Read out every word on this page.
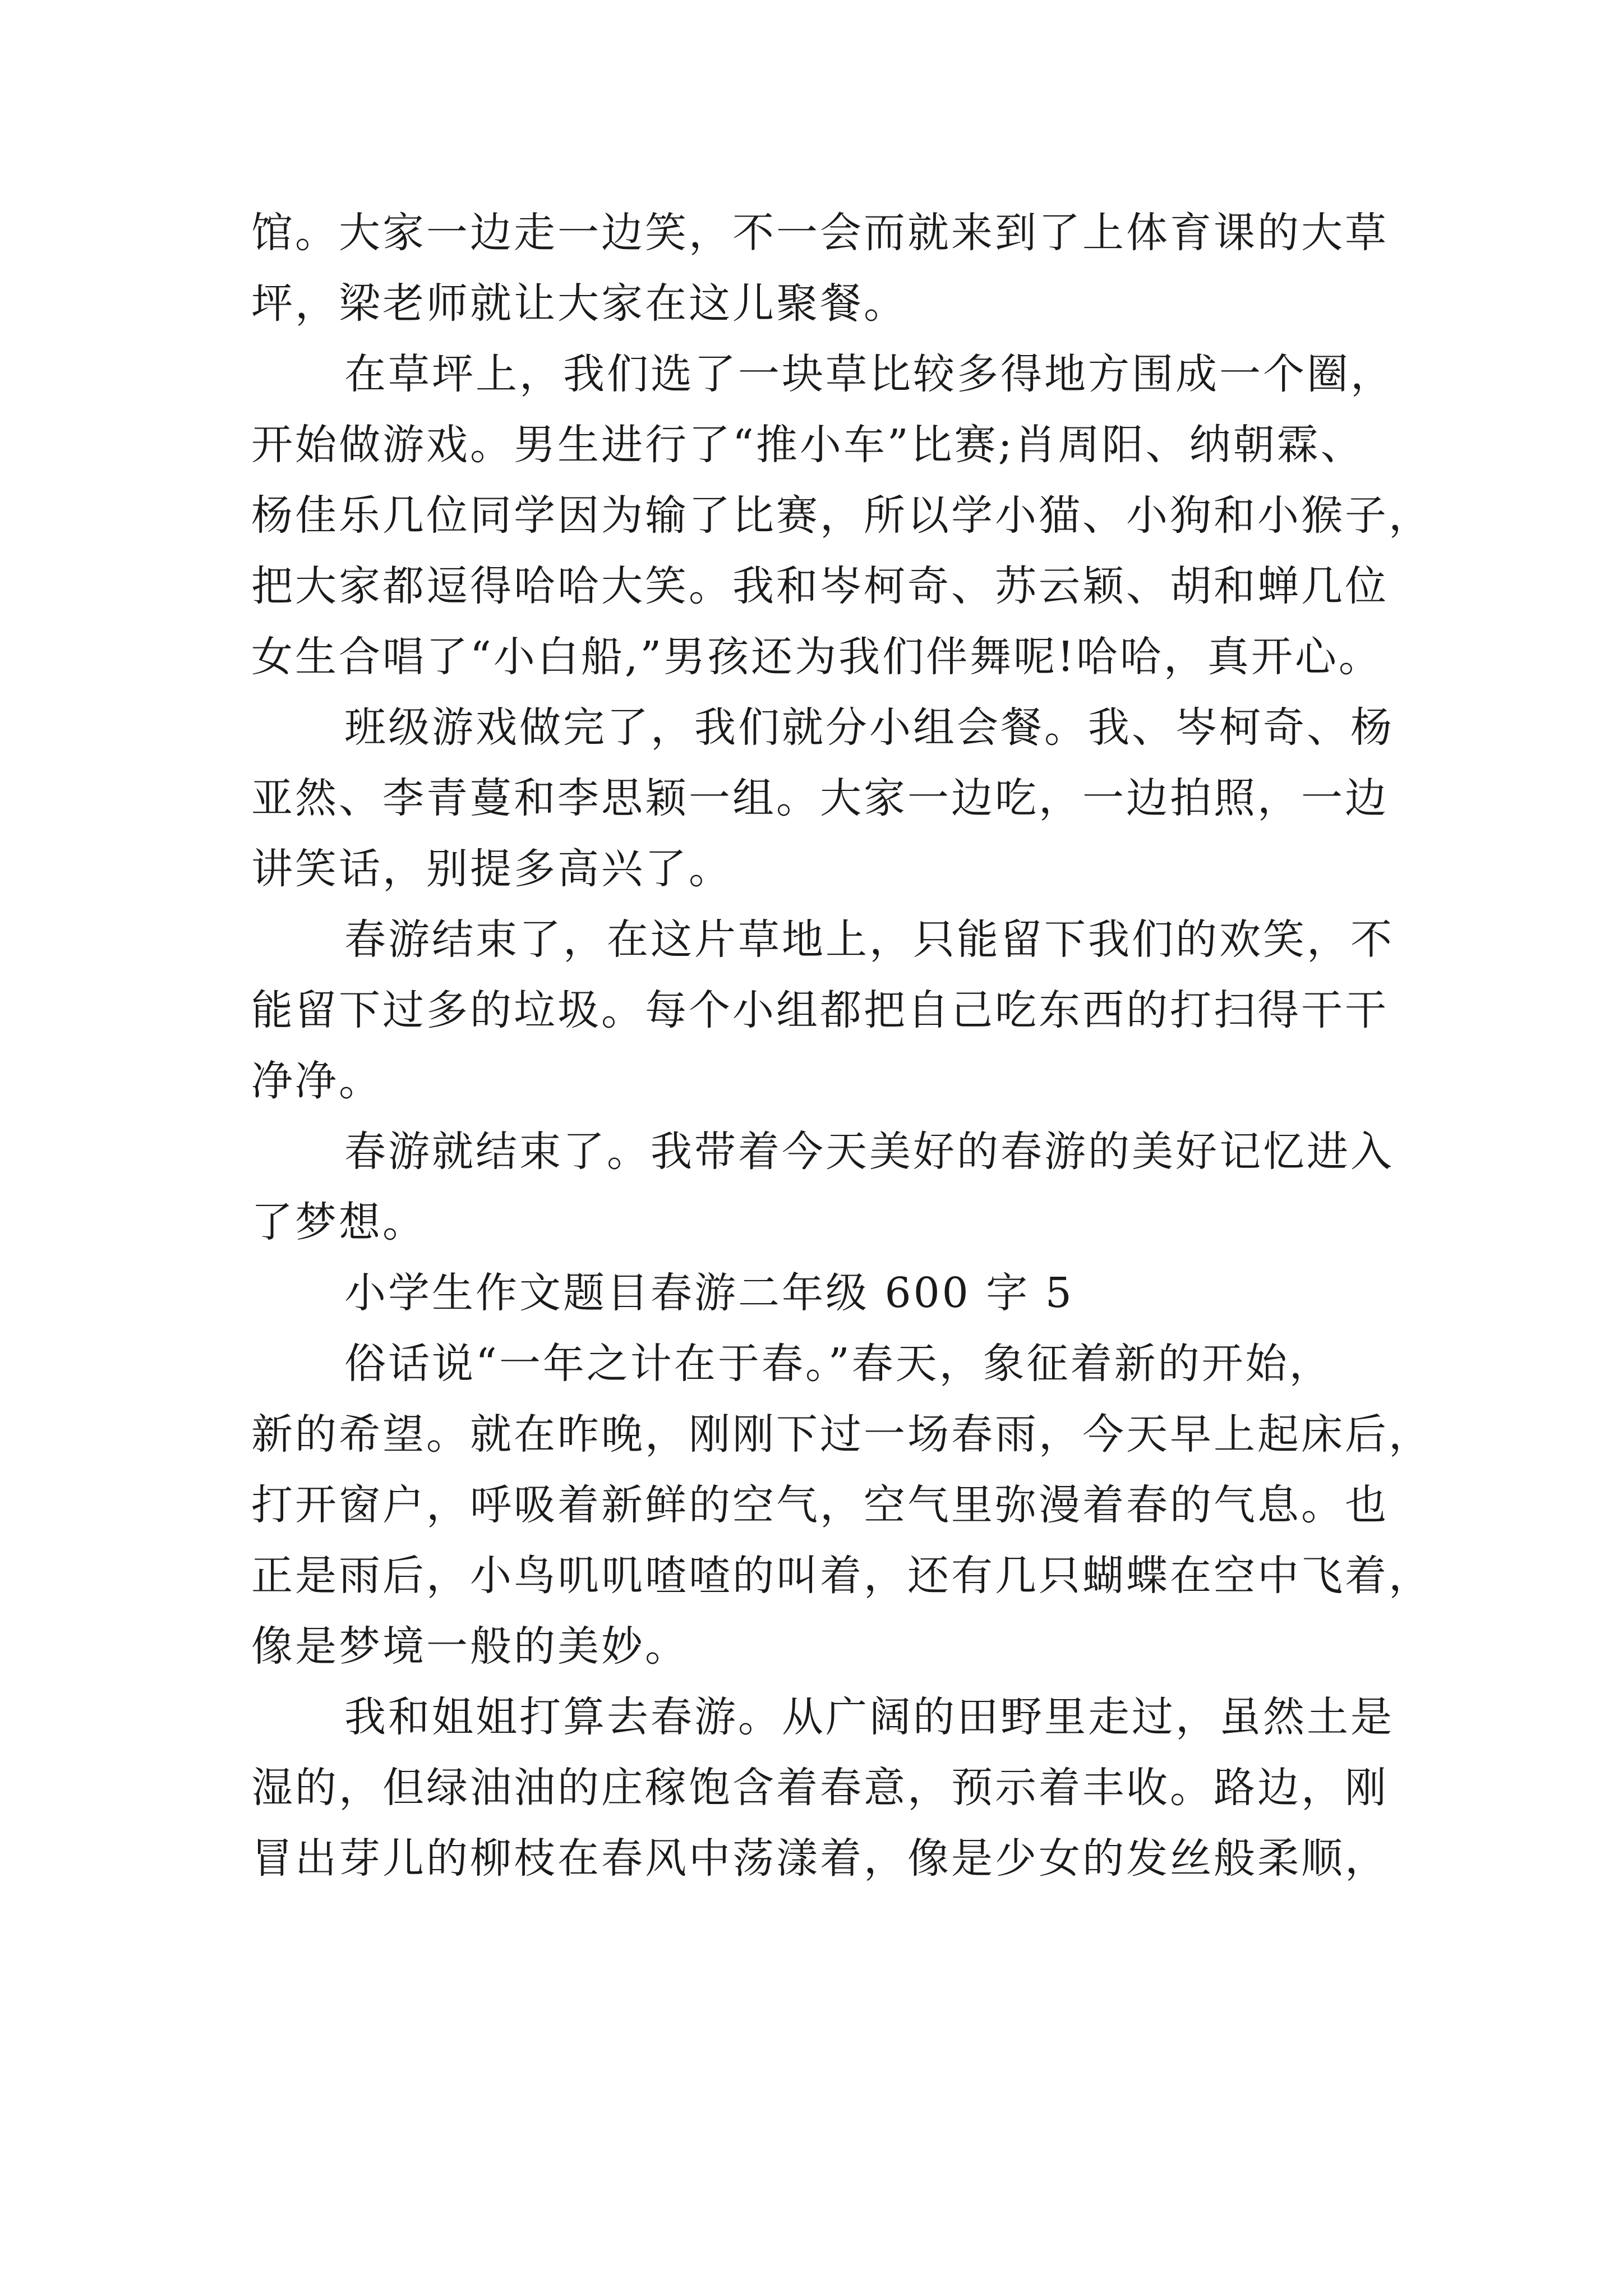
馆。大家一边走一边笑，不一会而就来到了上体育课的大草
坪，梁老师就让大家在这儿聚餐。
在草坪上，我们选了一块草比较多得地方围成一个圈，
开始做游戏。男生进行了“推小车”比赛;肖周阳、纳朝霖、
杨佳乐几位同学因为输了比赛，所以学小猫、小狗和小猴子，
把大家都逗得哈哈大笑。我和岑柯奇、苏云颖、胡和蝉几位
女生合唱了“小白船,”男孩还为我们伴舞呢!哈哈，真开心。
班级游戏做完了，我们就分小组会餐。我、岑柯奇、杨
亚然、李青蔓和李思颖一组。大家一边吃，一边拍照，一边
讲笑话，别提多高兴了。
春游结束了，在这片草地上，只能留下我们的欢笑，不
能留下过多的垃圾。每个小组都把自己吃东西的打扫得干干
净净。
春游就结束了。我带着今天美好的春游的美好记忆进入
了梦想。
小学生作文题目春游二年级 600 字 5
俗话说“一年之计在于春。”春天，象征着新的开始，
新的希望。就在昨晚，刚刚下过一场春雨，今天早上起床后，
打开窗户，呼吸着新鲜的空气，空气里弥漫着春的气息。也
正是雨后，小鸟叽叽喳喳的叫着，还有几只蝴蝶在空中飞着，
像是梦境一般的美妙。
我和姐姐打算去春游。从广阔的田野里走过，虽然土是
湿的，但绿油油的庄稼饱含着春意，预示着丰收。路边，刚
冒出芽儿的柳枝在春风中荡漾着，像是少女的发丝般柔顺，
